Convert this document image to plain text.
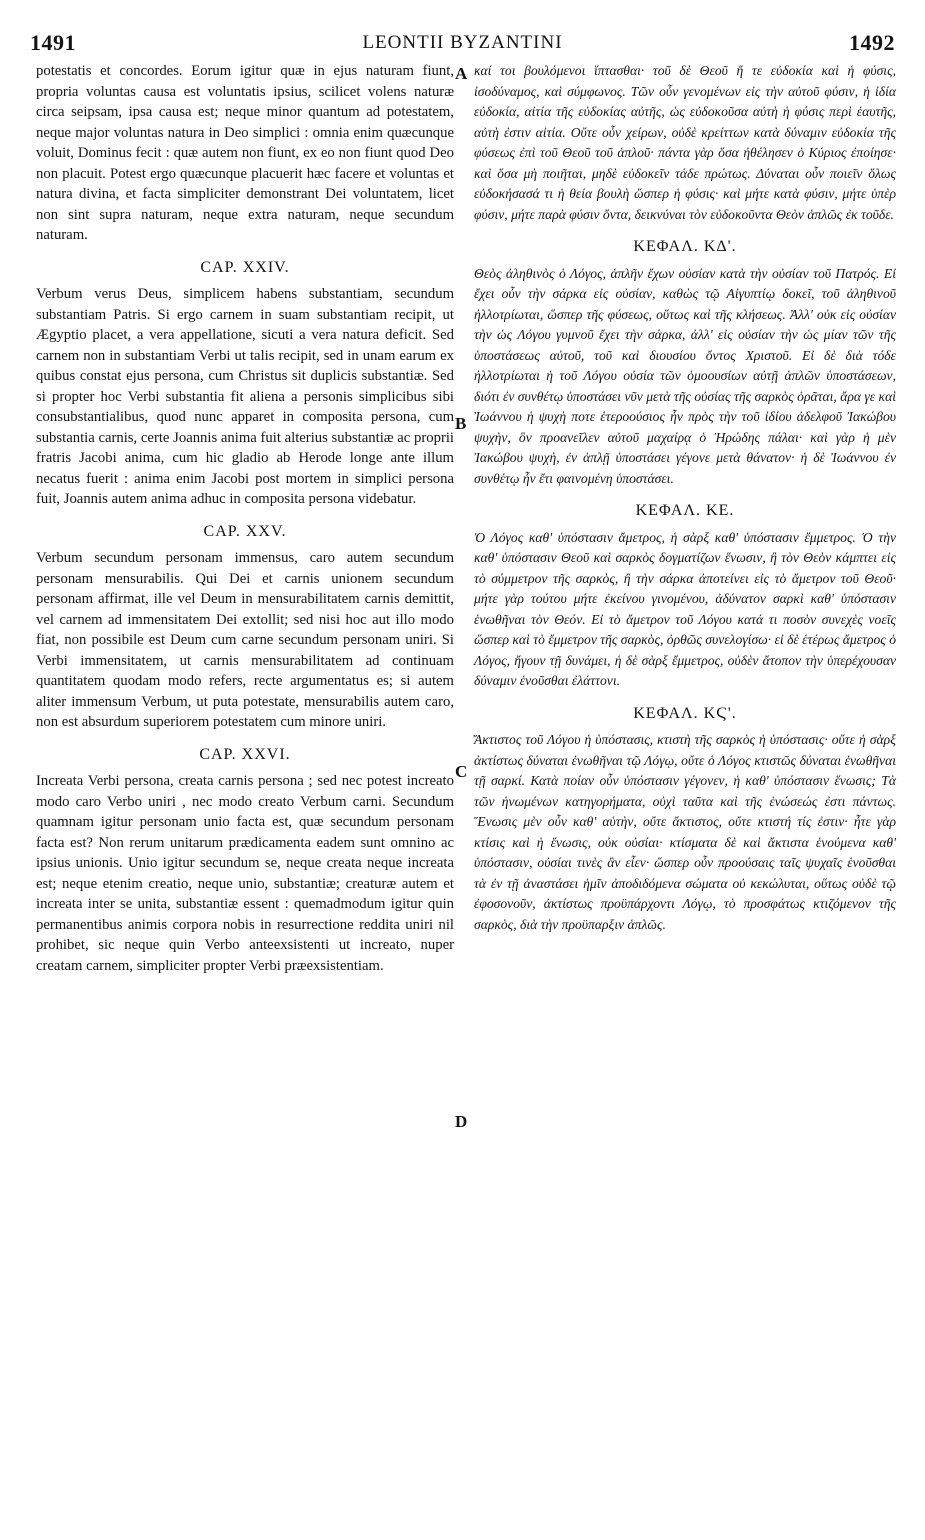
1491	LEONTII BYZANTINI	1492

potestatis et concordes. Eorum igitur quæ in ejus naturam fiunt, propria voluntas causa est voluntatis ipsius, scilicet volens naturæ circa seipsam, ipsa causa est; neque minor quantum ad potestatem, neque major voluntas natura in Deo simplici : omnia enim quæcunque voluit, Dominus fecit : quæ autem non fiunt, ex eo non fiunt quod Deo non placuit. Potest ergo quæcunque placuerit hæc facere et voluntas et natura divina, et facta simpliciter demonstrant Dei voluntatem, licet non sint supra naturam, neque extra naturam, neque secundum naturam.

CAP. XXIV.

Verbum verus Deus, simplicem habens substantiam, secundum substantiam Patris. Si ergo carnem in suam substantiam recipit, ut Ægyptio placet, a vera appellatione, sicuti a vera natura deficit. Sed carnem non in substantiam Verbi ut talis recipit, sed in unam earum ex quibus constat ejus persona, cum Christus sit duplicis substantiæ. Sed si propter hoc Verbi substantia fit aliena a personis simplicibus sibi consubstantialibus, quod nunc apparet in composita persona, cum substantia carnis, certe Joannis anima fuit alterius substantiæ ac proprii fratris Jacobi anima, cum hic gladio ab Herode longe ante illum necatus fuerit : anima enim Jacobi post mortem in simplici persona fuit, Joannis autem anima adhuc in composita persona videbatur.

CAP. XXV.

Verbum secundum personam immensus, caro autem secundum personam mensurabilis. Qui Dei et carnis unionem secundum personam affirmat, ille vel Deum in mensurabilitatem carnis demittit, vel carnem ad immensitatem Dei extollit; sed nisi hoc aut illo modo fiat, non possibile est Deum cum carne secundum personam uniri. Si Verbi immensitatem, ut carnis mensurabilitatem ad continuam quantitatem quodam modo refers, recte argumentatus es; si autem aliter immensum Verbum, ut puta potestate, mensurabilis autem caro, non est absurdum superiorem potestatem cum minore uniri.

CAP. XXVI.

Increata Verbi persona, creata carnis persona ; sed nec potest increato modo caro Verbo uniri , nec modo creato Verbum carni. Secundum quamnam igitur personam unio facta est, quæ secundum personam facta est? Non rerum unitarum prædicamenta eadem sunt omnino ac ipsius unionis. Unio igitur secundum se, neque creata neque increata est; neque etenim creatio, neque unio, substantiæ; creaturæ autem et increata inter se unita, substantiæ essent : quemadmodum igitur quin permanentibus animis corpora nobis in resurrectione reddita uniri nil prohibet, sic neque quin Verbo anteexsistenti ut increato, nuper creatam carnem, simpliciter propter Verbi præexsistentiam.

καί τοι βουλόμενοι ἵπτασθαι· τοῦ δὲ Θεοῦ ἥ τε εὐδοκία καὶ ἡ φύσις, ἰσοδύναμος, καὶ σύμφωνος. Τῶν οὖν γενομένων εἰς τὴν αὐτοῦ φύσιν, ἡ ἰδία εὐδοκία, αἰτία τῆς εὐδοκίας αὐτῆς, ὡς εὐδοκοῦσα αὐτὴ ἡ φύσις περὶ ἑαυτῆς, αὐτὴ ἐστιν αἰτία. Οὔτε οὖν χείρων, οὐδὲ κρείττων κατὰ δύναμιν εὐδοκία τῆς φύσεως ἐπὶ τοῦ Θεοῦ τοῦ ἁπλοῦ· πάντα γὰρ ὅσα ἠθέλησεν ὁ Κύριος ἐποίησε· καὶ ὅσα μὴ ποιῆται, μηδὲ εὐδοκεῖν τάδε πρώτως. Δύναται οὖν ποιεῖν ὅλως εὐδοκήσασά τι ἡ θεία βουλὴ ὥσπερ ἡ φύσις· καὶ μήτε κατὰ φύσιν, μήτε ὑπὲρ φύσιν, μήτε παρὰ φύσιν ὄντα, δεικνύναι τὸν εὐδοκοῦντα Θεὸν ἁπλῶς ἐκ τοῦδε.

ΚΕΦΑΛ. ΚΔ'.

Θεὸς ἀληθινὸς ὁ Λόγος, ἁπλῆν ἔχων οὐσίαν κατὰ τὴν οὐσίαν τοῦ Πατρός. Εἰ ἔχει οὖν τὴν σάρκα εἰς οὐσίαν, καθὼς τῷ Αἰγυπτίῳ δοκεῖ, τοῦ ἀληθινοῦ ἠλλοτρίωται, ὥσπερ τῆς φύσεως, οὕτως καὶ τῆς κλήσεως. Ἀλλ' οὐκ εἰς οὐσίαν τὴν ὡς Λόγου γυμνοῦ ἔχει τὴν σάρκα, ἀλλ' εἰς οὐσίαν τὴν ὡς μίαν τῶν τῆς ὑποστάσεως αὐτοῦ, τοῦ καὶ διουσίου ὄντος Χριστοῦ. Εἰ δὲ διὰ τόδε ἠλλοτρίωται ἡ τοῦ Λόγου οὐσία τῶν ὁμοουσίων αὐτῇ ἁπλῶν ὑποστάσεων, διότι ἐν συνθέτῳ ὑποστάσει νῦν μετὰ τῆς οὐσίας τῆς σαρκὸς ὁρᾶται, ἄρα γε καὶ Ἰωάννου ἡ ψυχὴ ποτε ἑτεροούσιος ἦν πρὸς τὴν τοῦ ἰδίου ἀδελφοῦ Ἰακώβου ψυχὴν, ὃν προανεῖλεν αὐτοῦ μαχαίρᾳ ὁ Ἡρώδης πάλαι· καὶ γὰρ ἡ μὲν Ἰακώβου ψυχὴ, ἐν ἁπλῇ ὑποστάσει γέγονε μετὰ θάνατον· ἡ δὲ Ἰωάννου ἐν συνθέτῳ ἦν ἔτι φαινομένη ὑποστάσει.

ΚΕΦΑΛ. ΚΕ.

Ὁ Λόγος καθ' ὑπόστασιν ἄμετρος, ἡ σὰρξ καθ' ὑπόστασιν ἔμμετρος. Ὁ τὴν καθ' ὑπόστασιν Θεοῦ καὶ σαρκὸς δογματίζων ἕνωσιν, ἢ τὸν Θεὸν κάμπτει εἰς τὸ σύμμετρον τῆς σαρκὸς, ἢ τὴν σάρκα ἀποτείνει εἰς τὸ ἄμετρον τοῦ Θεοῦ· μήτε γὰρ τούτου μήτε ἐκείνου γινομένου, ἀδύνατον σαρκὶ καθ' ὑπόστασιν ἑνωθῆναι τὸν Θεόν. Εἰ τὸ ἄμετρον τοῦ Λόγου κατά τι ποσὸν συνεχὲς νοεῖς ὥσπερ καὶ τὸ ἔμμετρον τῆς σαρκὸς, ὀρθῶς συνελογίσω· εἰ δὲ ἑτέρως ἄμετρος ὁ Λόγος, ἤγουν τῇ δυνάμει, ἡ δὲ σὰρξ ἔμμετρος, οὐδὲν ἄτοπον τὴν ὑπερέχουσαν δύναμιν ἑνοῦσθαι ἐλάττονι.

ΚΕΦΑΛ. ΚϚ'.

Ἄκτιστος τοῦ Λόγου ἡ ὑπόστασις, κτιστὴ τῆς σαρκὸς ἡ ὑπόστασις· οὔτε ἡ σὰρξ ἀκτίστως δύναται ἑνωθῆναι τῷ Λόγῳ, οὔτε ὁ Λόγος κτιστῶς δύναται ἑνωθῆναι τῇ σαρκί. Κατὰ ποίαν οὖν ὑπόστασιν γέγονεν, ἡ καθ' ὑπόστασιν ἕνωσις; Τὰ τῶν ἡνωμένων κατηγορήματα, οὐχὶ ταῦτα καὶ τῆς ἑνώσεώς ἐστι πάντως. Ἕνωσις μὲν οὖν καθ' αὑτὴν, οὔτε ἄκτιστος, οὔτε κτιστή τίς ἐστιν· ἦτε γὰρ κτίσις καὶ ἡ ἕνωσις, οὐκ οὐσίαι· κτίσματα δὲ καὶ ἄκτιστα ἑνούμενα καθ' ὑπόστασιν, οὐσίαι τινὲς ἂν εἶεν· ὥσπερ οὖν προούσαις ταῖς ψυχαῖς ἑνοῦσθαι τὰ ἐν τῇ ἀναστάσει ἡμῖν ἀποδιδόμενα σώματα οὐ κεκώλυται, οὕτως οὐδὲ τῷ ἐφοσονοῦν, ἀκτίστως προϋπάρχοντι Λόγῳ, τὸ προσφάτως κτιζόμενον τῆς σαρκὸς, διὰ τὴν προϋπαρξιν ἁπλῶς.

A
B
C
D
